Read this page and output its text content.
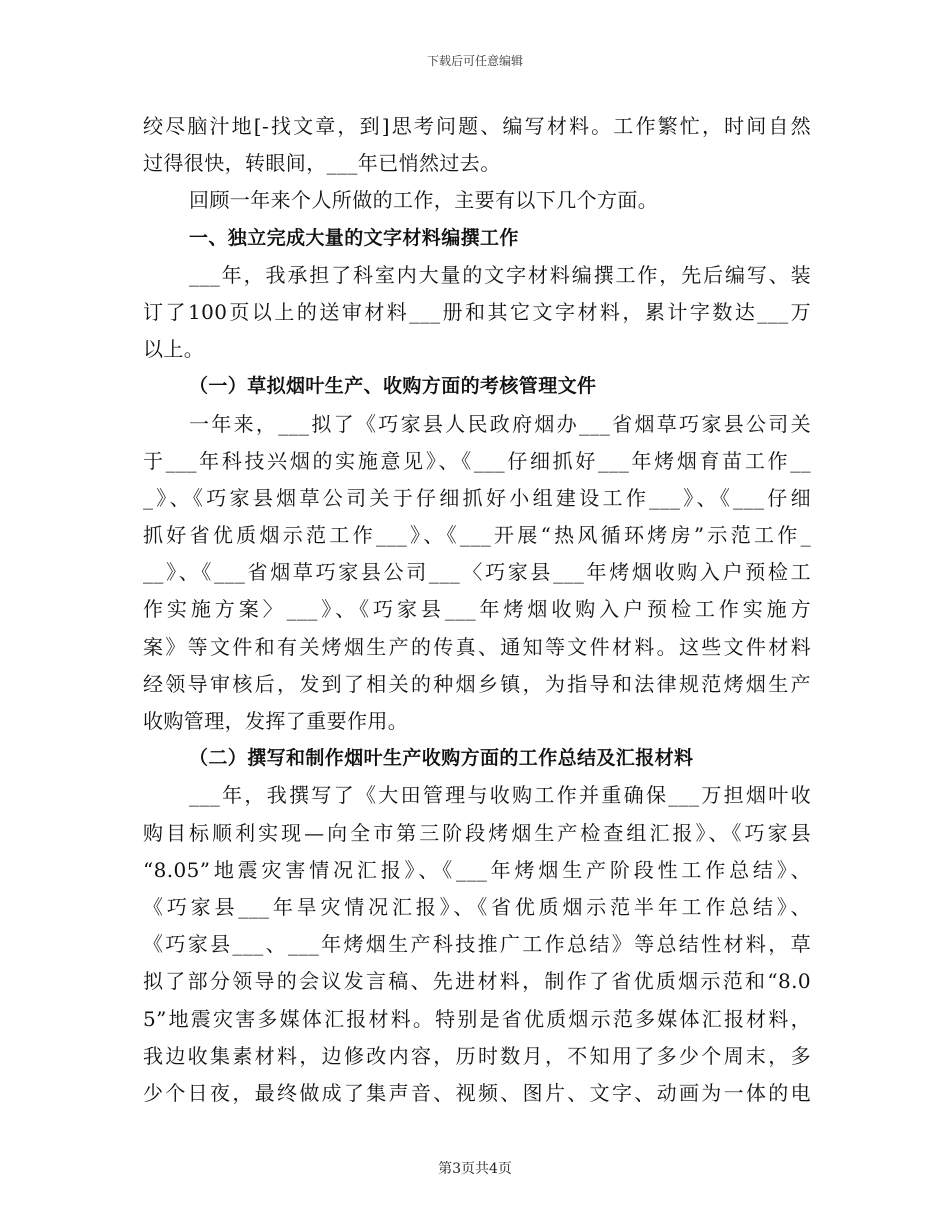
下载后可任意编辑
绞尽脑汁地[-找文章，到]思考问题、编写材料。工作繁忙，时间自然
过得很快，转眼间，___年已悄然过去。
回顾一年来个人所做的工作，主要有以下几个方面。
一、独立完成大量的文字材料编撰工作
___年，我承担了科室内大量的文字材料编撰工作，先后编写、装
订了100页以上的送审材料___册和其它文字材料，累计字数达___万
以上。
（一）草拟烟叶生产、收购方面的考核管理文件
一年来，___拟了《巧家县人民政府烟办___省烟草巧家县公司关
于___年科技兴烟的实施意见》、《___仔细抓好___年烤烟育苗工作__
_》、《巧家县烟草公司关于仔细抓好小组建设工作___》、《___仔细
抓好省优质烟示范工作___》、《___开展“热风循环烤房”示范工作_
__》、《___省烟草巧家县公司___〈巧家县___年烤烟收购入户预检工
作实施方案〉___》、《巧家县___年烤烟收购入户预检工作实施方
案》等文件和有关烤烟生产的传真、通知等文件材料。这些文件材料
经领导审核后，发到了相关的种烟乡镇，为指导和法律规范烤烟生产
收购管理，发挥了重要作用。
（二）撰写和制作烟叶生产收购方面的工作总结及汇报材料
___年，我撰写了《大田管理与收购工作并重确保___万担烟叶收
购目标顺利实现—向全市第三阶段烤烟生产检查组汇报》、《巧家县
“8.05”地震灾害情况汇报》、《___年烤烟生产阶段性工作总结》、
《巧家县___年旱灾情况汇报》、《省优质烟示范半年工作总结》、
《巧家县___、___年烤烟生产科技推广工作总结》等总结性材料，草
拟了部分领导的会议发言稿、先进材料，制作了省优质烟示范和“8.0
5”地震灾害多媒体汇报材料。特别是省优质烟示范多媒体汇报材料，
我边收集素材料，边修改内容，历时数月，不知用了多少个周末，多
少个日夜，最终做成了集声音、视频、图片、文字、动画为一体的电
第3页共4页
